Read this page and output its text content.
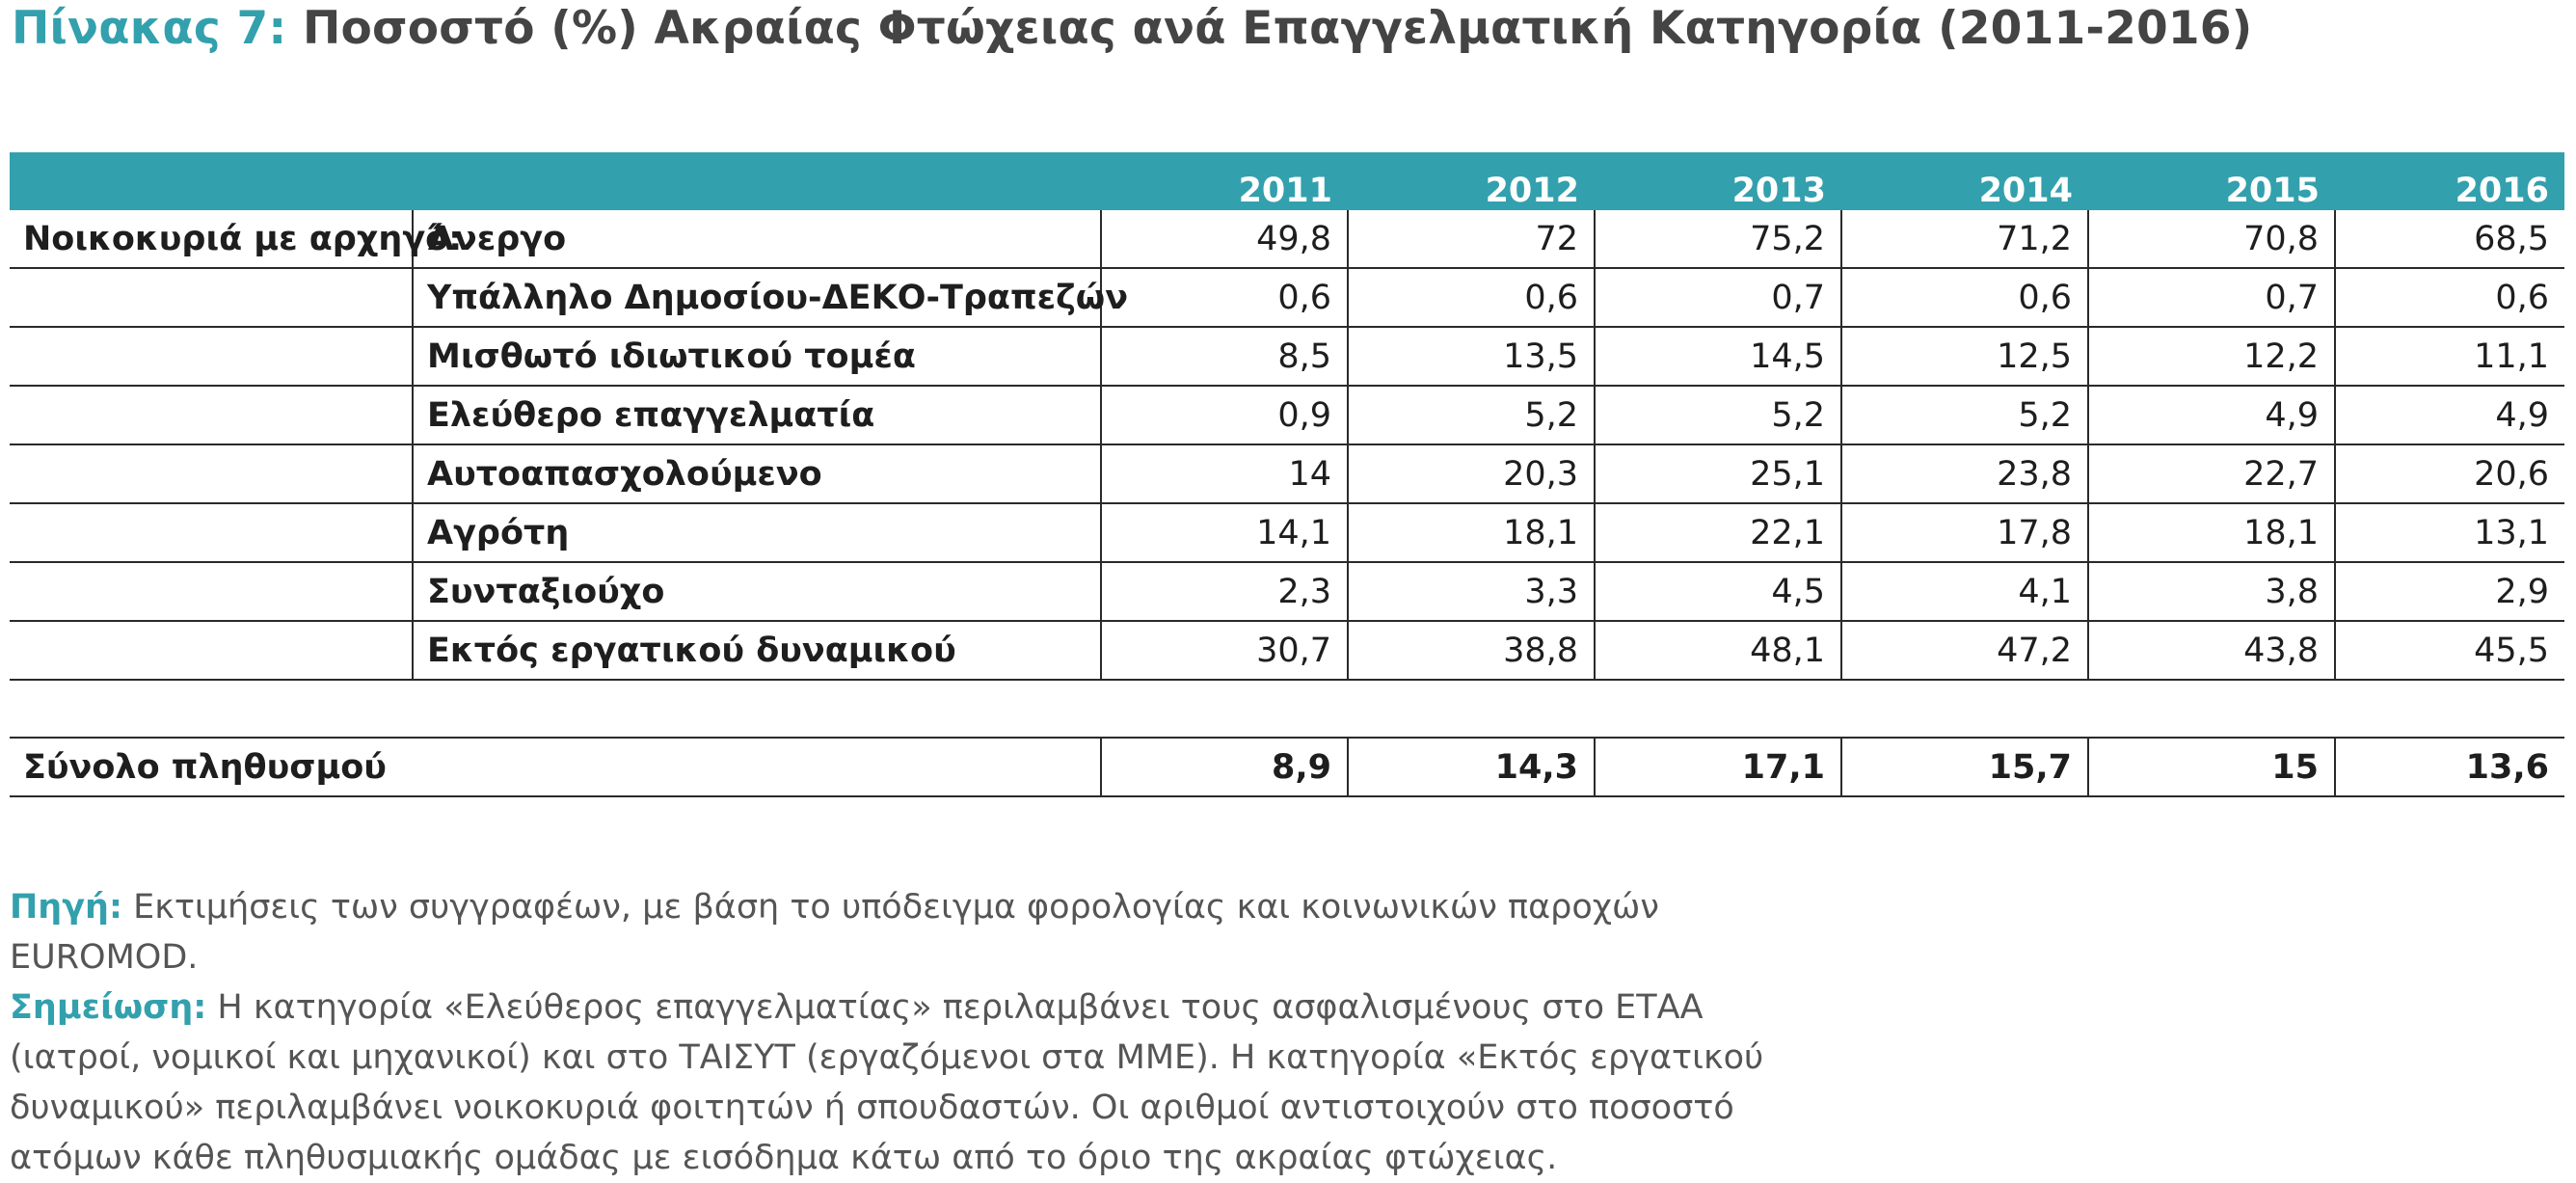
Πίνακας 7: Ποσοστό (%) Ακραίας Φτώχειας ανά Επαγγελματική Κατηγορία (2011-2016)
		2011	2012	2013	2014	2015	2016
Νοικοκυριά με αρχηγό:	Άνεργο	49,8	72	75,2	71,2	70,8	68,5
	Υπάλληλο Δημοσίου-ΔΕΚΟ-Τραπεζών	0,6	0,6	0,7	0,6	0,7	0,6
	Μισθωτό ιδιωτικού τομέα	8,5	13,5	14,5	12,5	12,2	11,1
	Ελεύθερο επαγγελματία	0,9	5,2	5,2	5,2	4,9	4,9
	Αυτοαπασχολούμενο	14	20,3	25,1	23,8	22,7	20,6
	Αγρότη	14,1	18,1	22,1	17,8	18,1	13,1
	Συνταξιούχο	2,3	3,3	4,5	4,1	3,8	2,9
	Εκτός εργατικού δυναμικού	30,7	38,8	48,1	47,2	43,8	45,5

Σύνολο πληθυσμού		8,9	14,3	17,1	15,7	15	13,6
Πηγή: Εκτιμήσεις των συγγραφέων, με βάση το υπόδειγμα φορολογίας και κοινωνικών παροχών EUROMOD.
Σημείωση: Η κατηγορία «Ελεύθερος επαγγελματίας» περιλαμβάνει τους ασφαλισμένους στο ΕΤΑΑ (ιατροί, νομικοί και μηχανικοί) και στο ΤΑΙΣΥΤ (εργαζόμενοι στα ΜΜΕ). Η κατηγορία «Εκτός εργατικού δυναμικού» περιλαμβάνει νοικοκυριά φοιτητών ή σπουδαστών. Οι αριθμοί αντιστοιχούν στο ποσοστό ατόμων κάθε πληθυσμιακής ομάδας με εισόδημα κάτω από το όριο της ακραίας φτώχειας.
